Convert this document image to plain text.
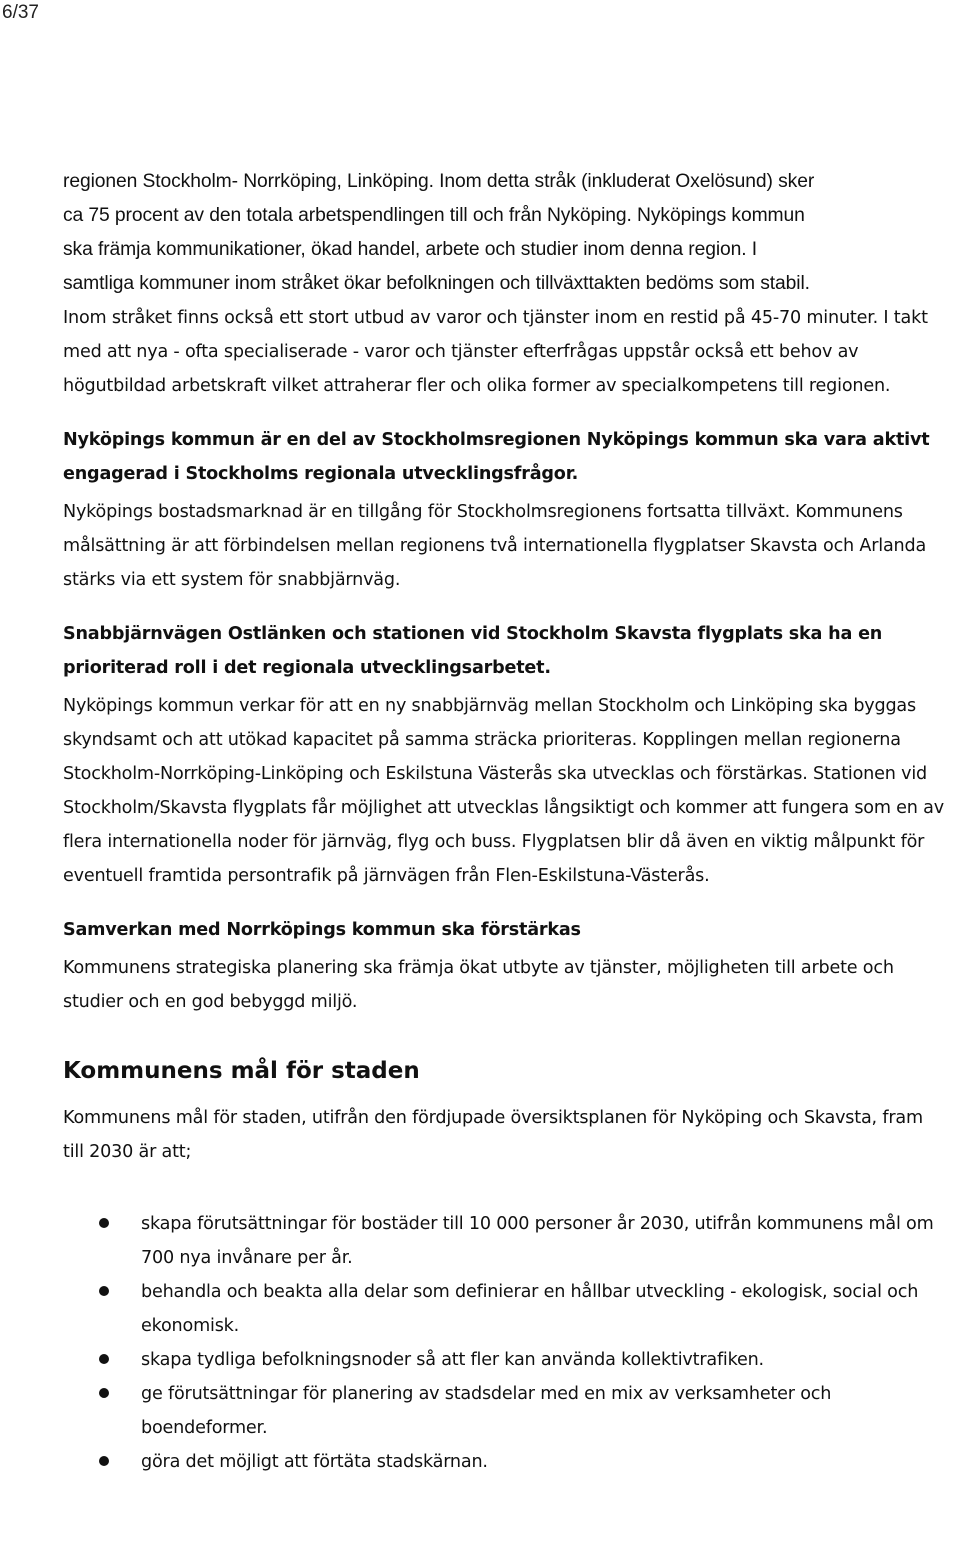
6/37

regionen Stockholm- Norrköping, Linköping. Inom detta stråk (inkluderat Oxelösund) sker

ca 75 procent av den totala arbetspendlingen till och från Nyköping. Nyköpings kommun

ska främja kommunikationer, ökad handel, arbete och studier inom denna region. I

samtliga kommuner inom stråket ökar befolkningen och tillväxttakten bedöms som stabil.

Inom stråket finns också ett stort utbud av varor och tjänster inom en restid på 45-70 minuter. I takt med att nya - ofta specialiserade - varor och tjänster efterfrågas uppstår också ett behov av högutbildad arbetskraft vilket attraherar fler och olika former av specialkompetens till regionen.

Nyköpings kommun är en del av Stockholmsregionen Nyköpings kommun ska vara aktivt engagerad i Stockholms regionala utvecklingsfrågor.

Nyköpings bostadsmarknad är en tillgång för Stockholmsregionens fortsatta tillväxt. Kommunens målsättning är att förbindelsen mellan regionens två internationella flygplatser Skavsta och Arlanda stärks via ett system för snabbjärnväg.

Snabbjärnvägen Ostlänken och stationen vid Stockholm Skavsta flygplats ska ha en prioriterad roll i det regionala utvecklingsarbetet.

Nyköpings kommun verkar för att en ny snabbjärnväg mellan Stockholm och Linköping ska byggas skyndsamt och att utökad kapacitet på samma sträcka prioriteras. Kopplingen mellan regionerna Stockholm-Norrköping-Linköping och Eskilstuna Västerås ska utvecklas och förstärkas. Stationen vid Stockholm/Skavsta flygplats får möjlighet att utvecklas långsiktigt och kommer att fungera som en av flera internationella noder för järnväg, flyg och buss. Flygplatsen blir då även en viktig målpunkt för eventuell framtida persontrafik på järnvägen från Flen-Eskilstuna-Västerås.

Samverkan med Norrköpings kommun ska förstärkas

Kommunens strategiska planering ska främja ökat utbyte av tjänster, möjligheten till arbete och studier och en god bebyggd miljö.

Kommunens mål för staden

Kommunens mål för staden, utifrån den fördjupade översiktsplanen för Nyköping och Skavsta, fram till 2030 är att;

skapa förutsättningar för bostäder till 10 000 personer år 2030, utifrån kommunens mål om 700 nya invånare per år.
behandla och beakta alla delar som definierar en hållbar utveckling - ekologisk, social och ekonomisk.
skapa tydliga befolkningsnoder så att fler kan använda kollektivtrafiken.
ge förutsättningar för planering av stadsdelar med en mix av verksamheter och boendeformer.
göra det möjligt att förtäta stadskärnan.
